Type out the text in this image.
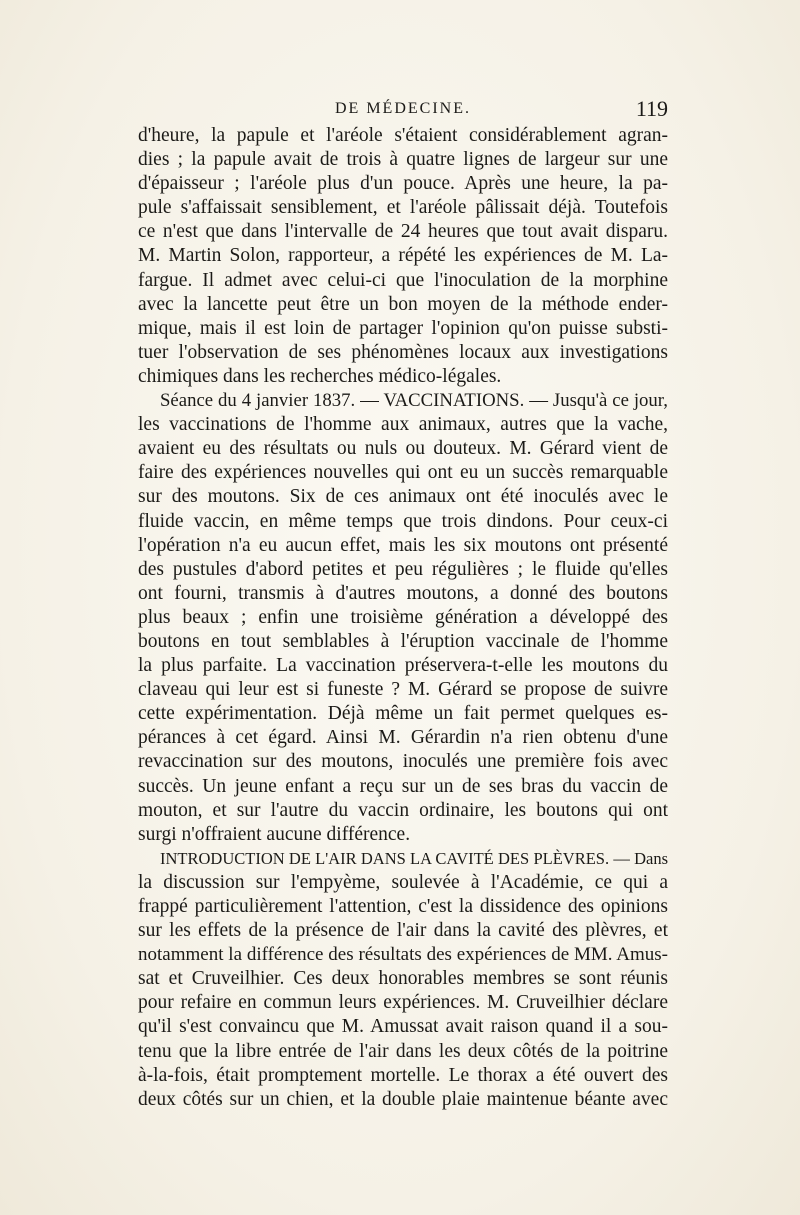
DE MÉDECINE.	119
d'heure, la papule et l'aréole s'étaient considérablement agran-
dies ; la papule avait de trois à quatre lignes de largeur sur une
d'épaisseur ; l'aréole plus d'un pouce. Après une heure, la pa-
pule s'affaissait sensiblement, et l'aréole pâlissait déjà. Toutefois
ce n'est que dans l'intervalle de 24 heures que tout avait disparu.
M. Martin Solon, rapporteur, a répété les expériences de M. La-
fargue. Il admet avec celui-ci que l'inoculation de la morphine
avec la lancette peut être un bon moyen de la méthode ender-
mique, mais il est loin de partager l'opinion qu'on puisse substi-
tuer l'observation de ses phénomènes locaux aux investigations
chimiques dans les recherches médico-légales.
Séance du 4 janvier 1837. — VACCINATIONS. — Jusqu'à ce jour,
les vaccinations de l'homme aux animaux, autres que la vache,
avaient eu des résultats ou nuls ou douteux. M. Gérard vient de
faire des expériences nouvelles qui ont eu un succès remarquable
sur des moutons. Six de ces animaux ont été inoculés avec le
fluide vaccin, en même temps que trois dindons. Pour ceux-ci
l'opération n'a eu aucun effet, mais les six moutons ont présenté
des pustules d'abord petites et peu régulières ; le fluide qu'elles
ont fourni, transmis à d'autres moutons, a donné des boutons
plus beaux ; enfin une troisième génération a développé des
boutons en tout semblables à l'éruption vaccinale de l'homme
la plus parfaite. La vaccination préservera-t-elle les moutons du
claveau qui leur est si funeste ? M. Gérard se propose de suivre
cette expérimentation. Déjà même un fait permet quelques es-
pérances à cet égard. Ainsi M. Gérardin n'a rien obtenu d'une
revaccination sur des moutons, inoculés une première fois avec
succès. Un jeune enfant a reçu sur un de ses bras du vaccin de
mouton, et sur l'autre du vaccin ordinaire, les boutons qui ont
surgi n'offraient aucune différence.
INTRODUCTION DE L'AIR DANS LA CAVITÉ DES PLÈVRES. — Dans
la discussion sur l'empyème, soulevée à l'Académie, ce qui a
frappé particulièrement l'attention, c'est la dissidence des opinions
sur les effets de la présence de l'air dans la cavité des plèvres, et
notamment la différence des résultats des expériences de MM. Amus-
sat et Cruveilhier. Ces deux honorables membres se sont réunis
pour refaire en commun leurs expériences. M. Cruveilhier déclare
qu'il s'est convaincu que M. Amussat avait raison quand il a sou-
tenu que la libre entrée de l'air dans les deux côtés de la poitrine
à-la-fois, était promptement mortelle. Le thorax a été ouvert des
deux côtés sur un chien, et la double plaie maintenue béante avec
